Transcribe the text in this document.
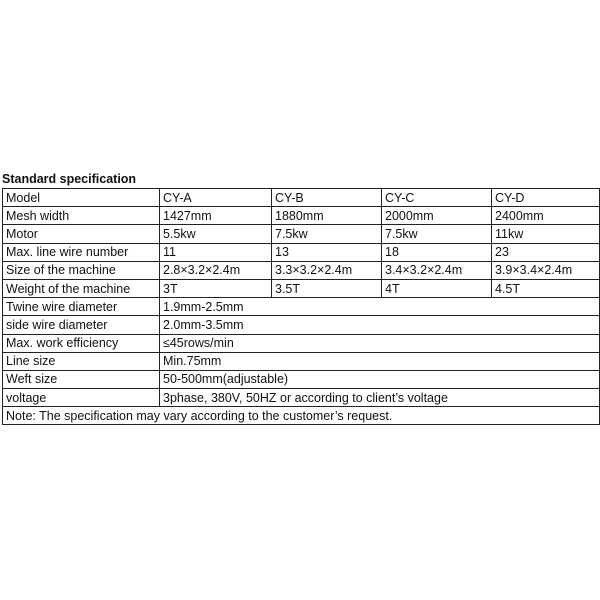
Standard specification
Model	CY-A	CY-B	CY-C	CY-D
Mesh width	1427mm	1880mm	2000mm	2400mm
Motor	5.5kw	7.5kw	7.5kw	11kw
Max. line wire number	11	13	18	23
Size of the machine	2.8×3.2×2.4m	3.3×3.2×2.4m	3.4×3.2×2.4m	3.9×3.4×2.4m
Weight of the machine	3T	3.5T	4T	4.5T
Twine wire diameter	1.9mm-2.5mm			
side wire diameter	2.0mm-3.5mm			
Max. work efficiency	≤45rows/min			
Line size	Min.75mm			
Weft size	50-500mm(adjustable)			
voltage	3phase, 380V, 50HZ or according to client’s voltage			
Note: The specification may vary according to the customer’s request.				
